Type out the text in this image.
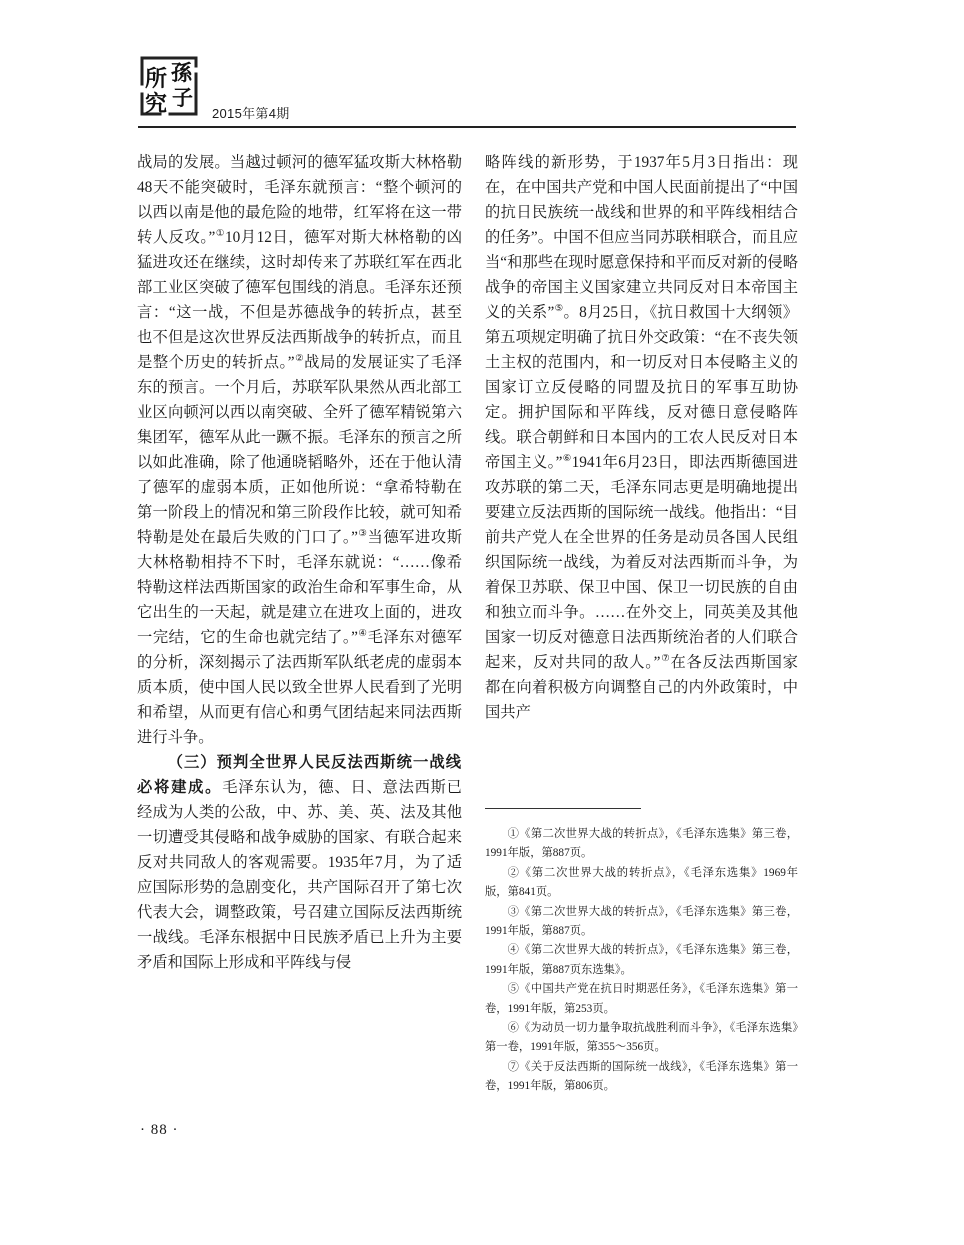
所
究
孫
子
2015年第4期

战局的发展。当越过顿河的德军猛攻斯大林格勒48天不能突破时，毛泽东就预言：“整个顿河的以西以南是他的最危险的地带，红军将在这一带转人反攻。”①10月12日，德军对斯大林格勒的凶猛进攻还在继续，这时却传来了苏联红军在西北部工业区突破了德军包围线的消息。毛泽东还预言：“这一战，不但是苏德战争的转折点，甚至也不但是这次世界反法西斯战争的转折点，而且是整个历史的转折点。”②战局的发展证实了毛泽东的预言。一个月后，苏联军队果然从西北部工业区向顿河以西以南突破、全歼了德军精锐第六集团军，德军从此一蹶不振。毛泽东的预言之所以如此准确，除了他通晓韬略外，还在于他认清了德军的虚弱本质，正如他所说：“拿希特勒在第一阶段上的情况和第三阶段作比较，就可知希特勒是处在最后失败的门口了。”③当德军进攻斯大林格勒相持不下时，毛泽东就说：“……像希特勒这样法西斯国家的政治生命和军事生命，从它出生的一天起，就是建立在进攻上面的，进攻一完结，它的生命也就完结了。”④毛泽东对德军的分析，深刻揭示了法西斯军队纸老虎的虚弱本质本质，使中国人民以致全世界人民看到了光明和希望，从而更有信心和勇气团结起来同法西斯进行斗争。

（三）预判全世界人民反法西斯统一战线必将建成。毛泽东认为，德、日、意法西斯已经成为人类的公敌，中、苏、美、英、法及其他一切遭受其侵略和战争威胁的国家、有联合起来反对共同敌人的客观需要。1935年7月，为了适应国际形势的急剧变化，共产国际召开了第七次代表大会，调整政策，号召建立国际反法西斯统一战线。毛泽东根据中日民族矛盾已上升为主要矛盾和国际上形成和平阵线与侵

略阵线的新形势，于1937年5月3日指出：现在，在中国共产党和中国人民面前提出了“中国的抗日民族统一战线和世界的和平阵线相结合的任务”。中国不但应当同苏联相联合，而且应当“和那些在现时愿意保持和平而反对新的侵略战争的帝国主义国家建立共同反对日本帝国主义的关系”⑤。8月25日，《抗日救国十大纲领》第五项规定明确了抗日外交政策：“在不丧失领土主权的范围内，和一切反对日本侵略主义的国家订立反侵略的同盟及抗日的军事互助协定。拥护国际和平阵线，反对德日意侵略阵线。联合朝鲜和日本国内的工农人民反对日本帝国主义。”⑥1941年6月23日，即法西斯德国进攻苏联的第二天，毛泽东同志更是明确地提出要建立反法西斯的国际统一战线。他指出：“目前共产党人在全世界的任务是动员各国人民组织国际统一战线，为着反对法西斯而斗争，为着保卫苏联、保卫中国、保卫一切民族的自由和独立而斗争。……在外交上，同英美及其他国家一切反对德意日法西斯统治者的人们联合起来，反对共同的敌人。”⑦在各反法西斯国家都在向着积极方向调整自己的内外政策时，中国共产

①《第二次世界大战的转折点》，《毛泽东选集》第三卷，1991年版，第887页。

②《第二次世界大战的转折点》，《毛泽东选集》1969年版，第841页。

③《第二次世界大战的转折点》，《毛泽东选集》第三卷，1991年版，第887页。

④《第二次世界大战的转折点》，《毛泽东选集》第三卷，1991年版，第887页东选集》。

⑤《中国共产党在抗日时期恶任务》，《毛泽东选集》第一卷，1991年版，第253页。

⑥《为动员一切力量争取抗战胜利而斗争》，《毛泽东选集》第一卷，1991年版，第355～356页。

⑦《关于反法西斯的国际统一战线》，《毛泽东选集》第一卷，1991年版，第806页。

· 88 ·
